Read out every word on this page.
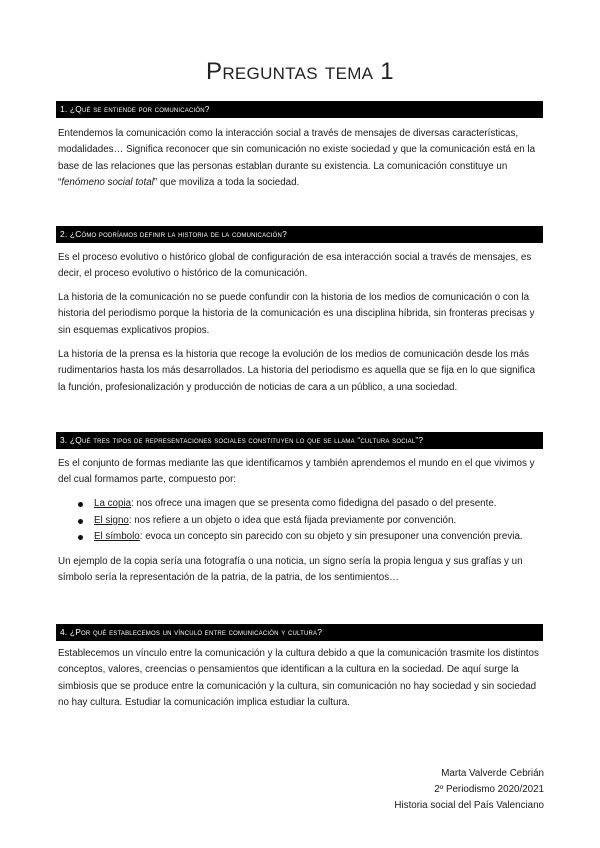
Preguntas tema 1
1. ¿Qué se entiende por comunicación?

Entendemos la comunicación como la interacción social a través de mensajes de diversas características, modalidades… Significa reconocer que sin comunicación no existe sociedad y que la comunicación está en la base de las relaciones que las personas establan durante su existencia. La comunicación constituye un “fenómeno social total” que moviliza a toda la sociedad.

2. ¿Cómo podríamos definir la historia de la comunicación?

Es el proceso evolutivo o histórico global de configuración de esa interacción social a través de mensajes, es decir, el proceso evolutivo o histórico de la comunicación.

La historia de la comunicación no se puede confundir con la historia de los medios de comunicación o con la historia del periodismo porque la historia de la comunicación es una disciplina híbrida, sin fronteras precisas y sin esquemas explicativos propios.

La historia de la prensa es la historia que recoge la evolución de los medios de comunicación desde los más rudimentarios hasta los más desarrollados. La historia del periodismo es aquella que se fija en lo que significa la función, profesionalización y producción de noticias de cara a un público, a una sociedad.

3. ¿Qué tres tipos de representaciones sociales constituyen lo que se llama “cultura social”?

Es el conjunto de formas mediante las que identificamos y también aprendemos el mundo en el que vivimos y del cual formamos parte, compuesto por:

La copia: nos ofrece una imagen que se presenta como fidedigna del pasado o del presente.
El signo: nos refiere a un objeto o idea que está fijada previamente por convención.
El símbolo: evoca un concepto sin parecido con su objeto y sin presuponer una convención previa.

Un ejemplo de la copia sería una fotografía o una noticia, un signo sería la propia lengua y sus grafías y un símbolo sería la representación de la patria, de la patria, de los sentimientos…

4. ¿Por qué establecemos un vínculo entre comunicación y cultura?

Establecemos un vínculo entre la comunicación y la cultura debido a que la comunicación trasmite los distintos conceptos, valores, creencias o pensamientos que identifican a la cultura en la sociedad. De aquí surge la simbiosis que se produce entre la comunicación y la cultura, sin comunicación no hay sociedad y sin sociedad no hay cultura. Estudiar la comunicación implica estudiar la cultura.

Marta Valverde Cebrián
2º Periodismo 2020/2021
Historia social del País Valenciano
